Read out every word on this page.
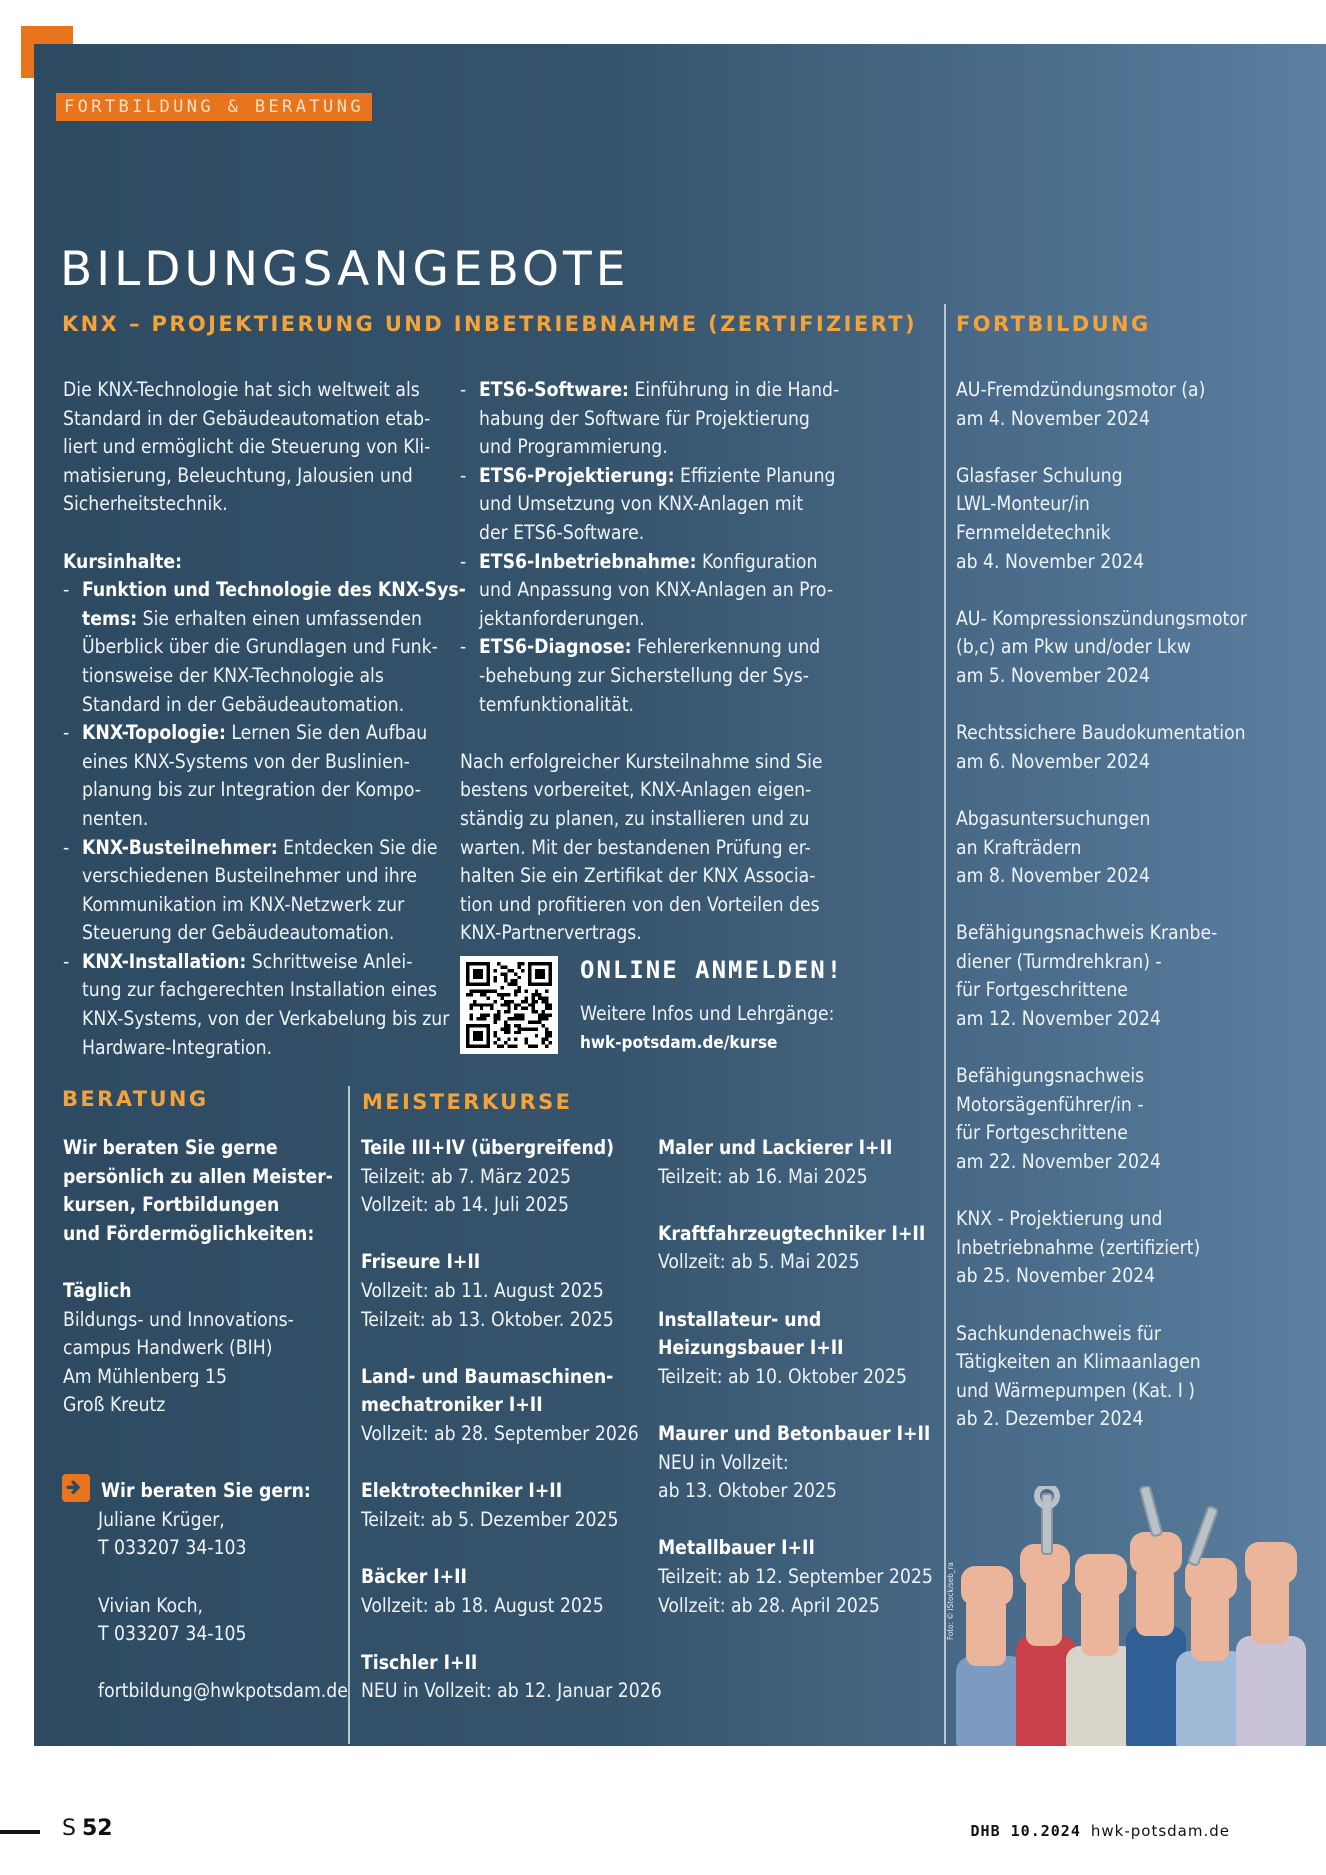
FORTBILDUNG & BERATUNG
BILDUNGSANGEBOTE
KNX – PROJEKTIERUNG UND INBETRIEBNAHME (ZERTIFIZIERT) FORTBILDUNG
BERATUNG	MEISTERKURSE

Die KNX-Technologie hat sich weltweit als

Standard in der Gebäudeautomation etab-

liert und ermöglicht die Steuerung von Kli-

matisierung, Beleuchtung, Jalousien und

Sicherheitstechnik.

Kursinhalte:

- Funktion und Technologie des KNX-Sys-
tems: Sie erhalten einen umfassenden
Überblick über die Grundlagen und Funk-
tionsweise der KNX-Technologie als
Standard in der Gebäudeautomation.
- KNX-Topologie: Lernen Sie den Aufbau
eines KNX-Systems von der Buslinien-
planung bis zur Integration der Kompo-
nenten.
- KNX-Busteilnehmer: Entdecken Sie die
verschiedenen Busteilnehmer und ihre
Kommunikation im KNX-Netzwerk zur
Steuerung der Gebäudeautomation.
- KNX-Installation: Schrittweise Anlei-
tung zur fachgerechten Installation eines
KNX-Systems, von der Verkabelung bis zur
Hardware-Integration.
- ETS6-Software: Einführung in die Hand-
habung der Software für Projektierung
und Programmierung.
- ETS6-Projektierung: Effiziente Planung
und Umsetzung von KNX-Anlagen mit
der ETS6-Software.
- ETS6-Inbetriebnahme: Konfiguration
und Anpassung von KNX-Anlagen an Pro-
jektanforderungen.
- ETS6-Diagnose: Fehlererkennung und
-behebung zur Sicherstellung der Sys-
temfunktionalität.

Nach erfolgreicher Kursteilnahme sind Sie

bestens vorbereitet, KNX-Anlagen eigen-

ständig zu planen, zu installieren und zu

warten. Mit der bestandenen Prüfung er-

halten Sie ein Zertifikat der KNX Associa-

tion und profitieren von den Vorteilen des

KNX-Partnervertrags.

ONLINE ANMELDEN!

Weitere Infos und Lehrgänge:

hwk-potsdam.de/kurse

AU-Fremdzündungsmotor (a)

am 4. November 2024

Glasfaser Schulung

LWL-Monteur/in

Fernmeldetechnik

ab 4. November 2024

AU- Kompressionszündungsmotor

(b,c) am Pkw und/oder Lkw

am 5. November 2024

Rechtssichere Baudokumentation

am 6. November 2024

Abgasuntersuchungen

an Krafträdern

am 8. November 2024

Befähigungsnachweis Kranbe-

diener (Turmdrehkran) -

für Fortgeschrittene

am 12. November 2024

Befähigungsnachweis

Motorsägenführer/in -

für Fortgeschrittene

am 22. November 2024

KNX - Projektierung und

Inbetriebnahme (zertifiziert)

ab 25. November 2024

Sachkundenachweis für

Tätigkeiten an Klimaanlagen

und Wärmepumpen (Kat. I )

ab 2. Dezember 2024

Wir beraten Sie gerne

persönlich zu allen Meister-

kursen, Fortbildungen

und Fördermöglichkeiten:

Täglich

Bildungs- und Innovations-

campus Handwerk (BIH)

Am Mühlenberg 15

Groß Kreutz

Wir beraten Sie gern:

Juliane Krüger,

T 033207 34-103

Vivian Koch,

T 033207 34-105

fortbildung@hwkpotsdam.de

Teile III+IV (übergreifend)

Teilzeit: ab 7. März 2025

Vollzeit: ab 14. Juli 2025

Friseure I+II

Vollzeit: ab 11. August 2025

Teilzeit: ab 13. Oktober. 2025

Land- und Baumaschinen-

mechatroniker I+II

Vollzeit: ab 28. September 2026

Elektrotechniker I+II

Teilzeit: ab 5. Dezember 2025

Bäcker I+II

Vollzeit: ab 18. August 2025

Tischler I+II

NEU in Vollzeit: ab 12. Januar 2026

Maler und Lackierer I+II

Teilzeit: ab 16. Mai 2025

Kraftfahrzeugtechniker I+II

Vollzeit: ab 5. Mai 2025

Installateur- und

Heizungsbauer I+II

Teilzeit: ab 10. Oktober 2025

Maurer und Betonbauer I+II

NEU in Vollzeit:

ab 13. Oktober 2025

Metallbauer I+II

Teilzeit: ab 12. September 2025

Vollzeit: ab 28. April 2025	Foto: © iStock/seb_ra
S 52	DHB 10.2024 hwk-potsdam.de
